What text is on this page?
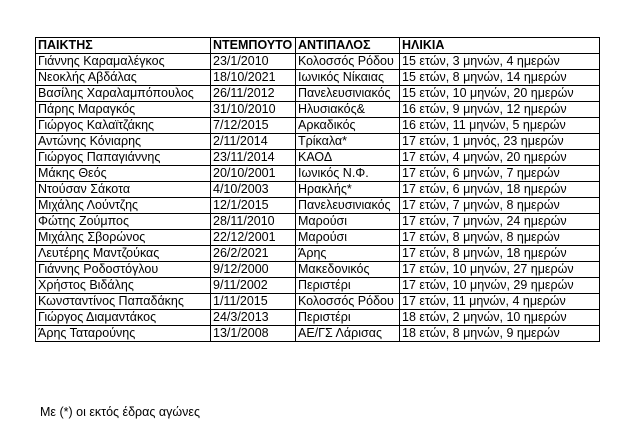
ΠΑΙΚΤΗΣ	ΝΤΕΜΠΟΥΤΟ	ΑΝΤΙΠΑΛΟΣ	ΗΛΙΚΙΑ
Γιάννης Καραμαλέγκος	23/1/2010	Κολοσσός Ρόδου	15 ετών, 3 μηνών, 4 ημερών
Νεοκλής Αβδάλας	18/10/2021	Ιωνικός Νίκαιας	15 ετών, 8 μηνών, 14 ημερών
Βασίλης Χαραλαμπόπουλος	26/11/2012	Πανελευσινιακός	15 ετών, 10 μηνών, 20 ημερών
Πάρης Μαραγκός	31/10/2010	Ηλυσιακός&	16 ετών, 9 μηνών, 12 ημερών
Γιώργος Καλαϊτζάκης	7/12/2015	Αρκαδικός	16 ετών, 11 μηνών, 5 ημερών
Αντώνης Κόνιαρης	2/11/2014	Τρίκαλα*	17 ετών, 1 μηνός, 23 ημερών
Γιώργος Παπαγιάννης	23/11/2014	ΚΑΟΔ	17 ετών, 4 μηνών, 20 ημερών
Μάκης Θεός	20/10/2001	Ιωνικός Ν.Φ.	17 ετών, 6 μηνών, 7 ημερών
Ντούσαν Σάκοτα	4/10/2003	Ηρακλής*	17 ετών, 6 μηνών, 18 ημερών
Μιχάλης Λούντζης	12/1/2015	Πανελευσινιακός	17 ετών, 7 μηνών, 8 ημερών
Φώτης Ζούμπος	28/11/2010	Μαρούσι	17 ετών, 7 μηνών, 24 ημερών
Μιχάλης Σβορώνος	22/12/2001	Μαρούσι	17 ετών, 8 μηνών, 8 ημερών
Λευτέρης Μαντζούκας	26/2/2021	Άρης	17 ετών, 8 μηνών, 18 ημερών
Γιάννης Ροδοστόγλου	9/12/2000	Μακεδονικός	17 ετών, 10 μηνών, 27 ημερών
Χρήστος Βιδάλης	9/11/2002	Περιστέρι	17 ετών, 10 μηνών, 29 ημερών
Κωνσταντίνος Παπαδάκης	1/11/2015	Κολοσσός Ρόδου	17 ετών, 11 μηνών, 4 ημερών
Γιώργος Διαμαντάκος	24/3/2013	Περιστέρι	18 ετών, 2 μηνών, 10 ημερών
Άρης Ταταρούνης	13/1/2008	ΑΕ/ΓΣ Λάρισας	18 ετών, 8 μηνών, 9 ημερών
Με (*) οι εκτός έδρας αγώνες
